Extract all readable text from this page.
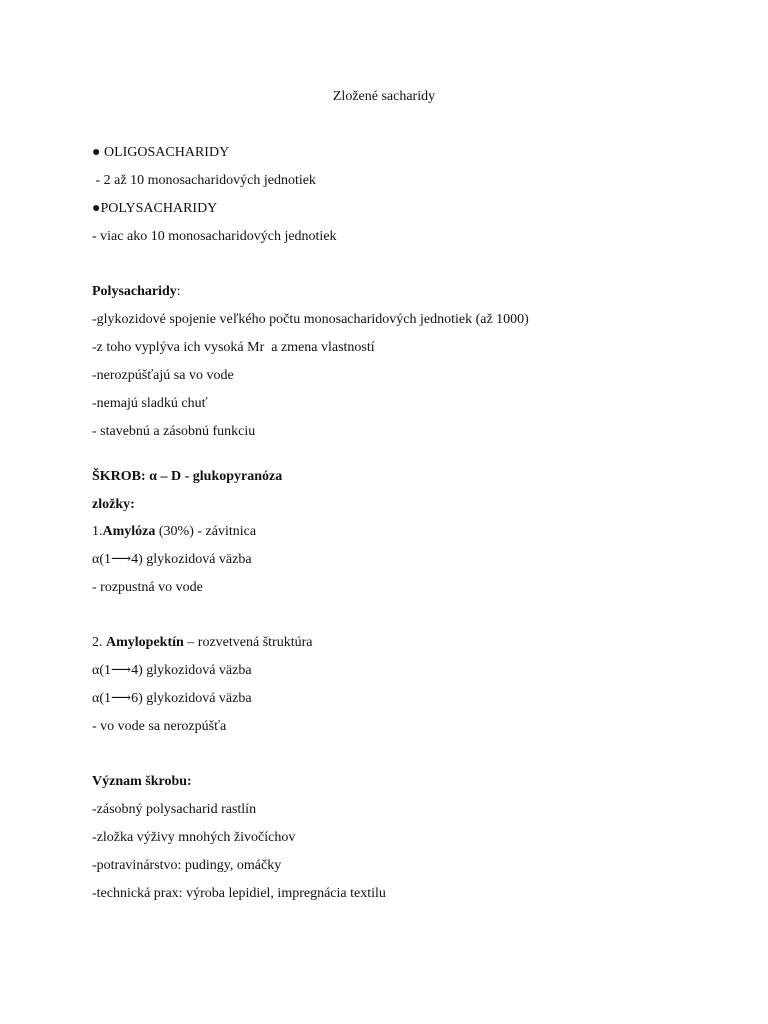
Zložené sacharidy
● OLIGOSACHARIDY
- 2 až 10 monosacharidových jednotiek
●POLYSACHARIDY
- viac ako 10 monosacharidových jednotiek
Polysacharidy:
-glykozidové spojenie veľkého počtu monosacharidových jednotiek (až 1000)
-z toho vyplýva ich vysoká Mr  a zmena vlastností
-nerozpúšťajú sa vo vode
-nemajú sladkú chuť
- stavebnú a zásobnú funkciu
ŠKROB: α – D - glukopyranóza
zložky:
1.Amylóza (30%) - závitnica
α(1⟶4) glykozidová väzba
- rozpustná vo vode
2. Amylopektín – rozvetvená štruktúra
α(1⟶4) glykozidová väzba
α(1⟶6) glykozidová väzba
- vo vode sa nerozpúšťa
Význam škrobu:
-zásobný polysacharid rastlín
-zložka výživy mnohých živočíchov
-potravinárstvo: pudingy, omáčky
-technická prax: výroba lepidiel, impregnácia textilu
